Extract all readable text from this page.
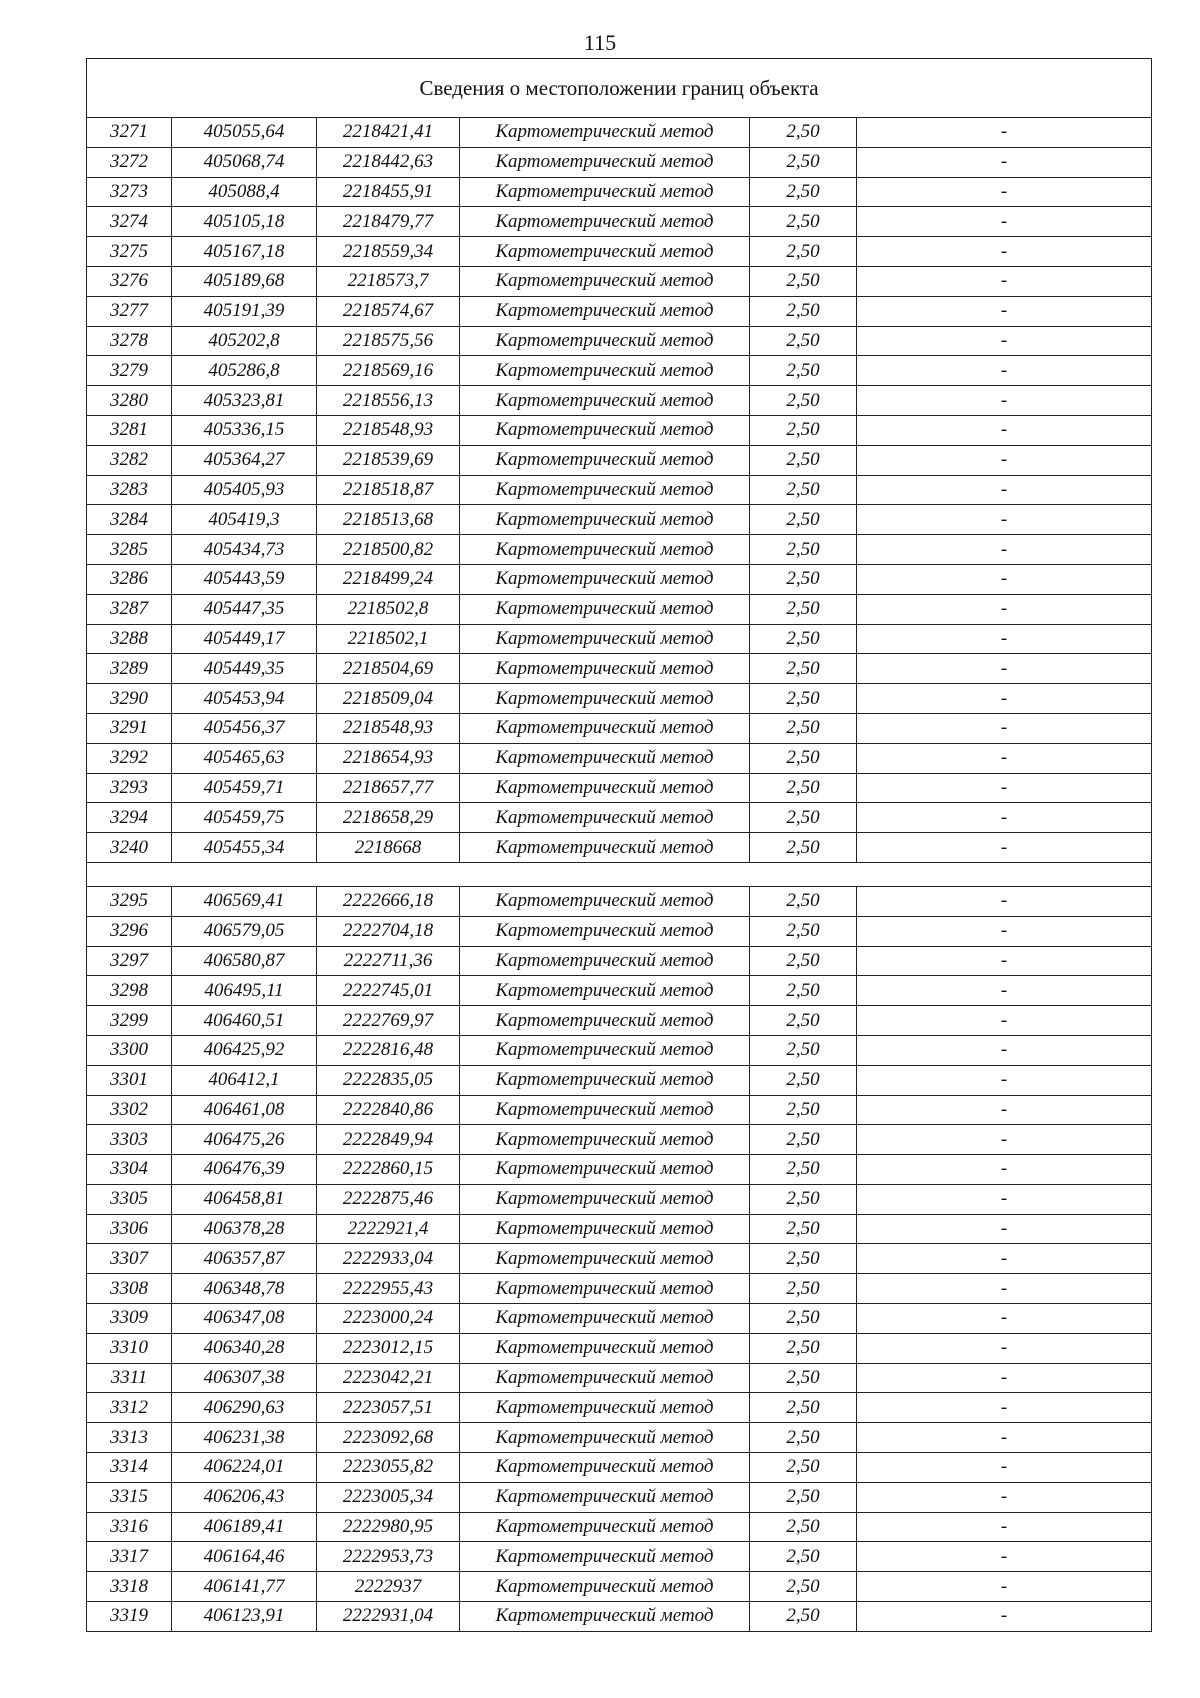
115
Сведения о местоположении границ объекта					
3271	405055,64	2218421,41	Картометрический метод	2,50	-
3272	405068,74	2218442,63	Картометрический метод	2,50	-
3273	405088,4	2218455,91	Картометрический метод	2,50	-
3274	405105,18	2218479,77	Картометрический метод	2,50	-
3275	405167,18	2218559,34	Картометрический метод	2,50	-
3276	405189,68	2218573,7	Картометрический метод	2,50	-
3277	405191,39	2218574,67	Картометрический метод	2,50	-
3278	405202,8	2218575,56	Картометрический метод	2,50	-
3279	405286,8	2218569,16	Картометрический метод	2,50	-
3280	405323,81	2218556,13	Картометрический метод	2,50	-
3281	405336,15	2218548,93	Картометрический метод	2,50	-
3282	405364,27	2218539,69	Картометрический метод	2,50	-
3283	405405,93	2218518,87	Картометрический метод	2,50	-
3284	405419,3	2218513,68	Картометрический метод	2,50	-
3285	405434,73	2218500,82	Картометрический метод	2,50	-
3286	405443,59	2218499,24	Картометрический метод	2,50	-
3287	405447,35	2218502,8	Картометрический метод	2,50	-
3288	405449,17	2218502,1	Картометрический метод	2,50	-
3289	405449,35	2218504,69	Картометрический метод	2,50	-
3290	405453,94	2218509,04	Картометрический метод	2,50	-
3291	405456,37	2218548,93	Картометрический метод	2,50	-
3292	405465,63	2218654,93	Картометрический метод	2,50	-
3293	405459,71	2218657,77	Картометрический метод	2,50	-
3294	405459,75	2218658,29	Картометрический метод	2,50	-
3240	405455,34	2218668	Картометрический метод	2,50	-

3295	406569,41	2222666,18	Картометрический метод	2,50	-
3296	406579,05	2222704,18	Картометрический метод	2,50	-
3297	406580,87	2222711,36	Картометрический метод	2,50	-
3298	406495,11	2222745,01	Картометрический метод	2,50	-
3299	406460,51	2222769,97	Картометрический метод	2,50	-
3300	406425,92	2222816,48	Картометрический метод	2,50	-
3301	406412,1	2222835,05	Картометрический метод	2,50	-
3302	406461,08	2222840,86	Картометрический метод	2,50	-
3303	406475,26	2222849,94	Картометрический метод	2,50	-
3304	406476,39	2222860,15	Картометрический метод	2,50	-
3305	406458,81	2222875,46	Картометрический метод	2,50	-
3306	406378,28	2222921,4	Картометрический метод	2,50	-
3307	406357,87	2222933,04	Картометрический метод	2,50	-
3308	406348,78	2222955,43	Картометрический метод	2,50	-
3309	406347,08	2223000,24	Картометрический метод	2,50	-
3310	406340,28	2223012,15	Картометрический метод	2,50	-
3311	406307,38	2223042,21	Картометрический метод	2,50	-
3312	406290,63	2223057,51	Картометрический метод	2,50	-
3313	406231,38	2223092,68	Картометрический метод	2,50	-
3314	406224,01	2223055,82	Картометрический метод	2,50	-
3315	406206,43	2223005,34	Картометрический метод	2,50	-
3316	406189,41	2222980,95	Картометрический метод	2,50	-
3317	406164,46	2222953,73	Картометрический метод	2,50	-
3318	406141,77	2222937	Картометрический метод	2,50	-
3319	406123,91	2222931,04	Картометрический метод	2,50	-
